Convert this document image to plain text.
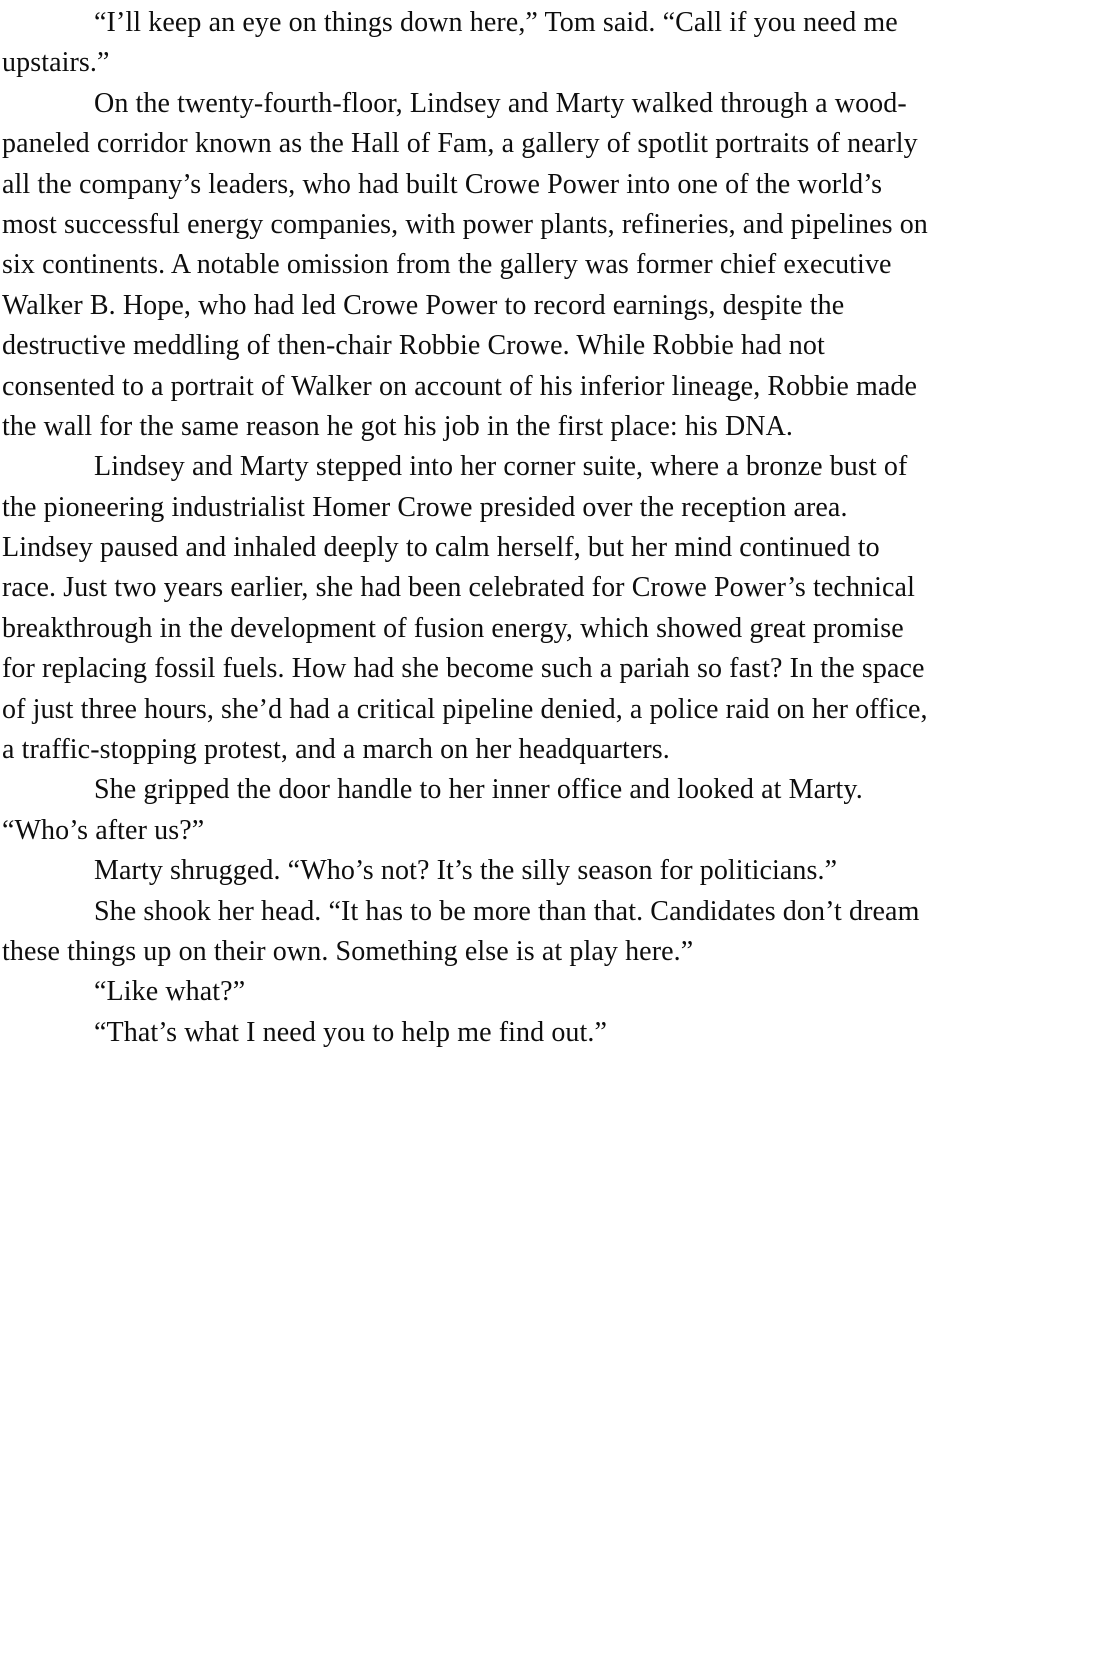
“I’ll keep an eye on things down here,” Tom said. “Call if you need me
upstairs.”
On the twenty-fourth-floor, Lindsey and Marty walked through a wood-
paneled corridor known as the Hall of Fam, a gallery of spotlit portraits of nearly
all the company’s leaders, who had built Crowe Power into one of the world’s
most successful energy companies, with power plants, refineries, and pipelines on
six continents. A notable omission from the gallery was former chief executive
Walker B. Hope, who had led Crowe Power to record earnings, despite the
destructive meddling of then-chair Robbie Crowe. While Robbie had not
consented to a portrait of Walker on account of his inferior lineage, Robbie made
the wall for the same reason he got his job in the first place: his DNA.
Lindsey and Marty stepped into her corner suite, where a bronze bust of
the pioneering industrialist Homer Crowe presided over the reception area.
Lindsey paused and inhaled deeply to calm herself, but her mind continued to
race. Just two years earlier, she had been celebrated for Crowe Power’s technical
breakthrough in the development of fusion energy, which showed great promise
for replacing fossil fuels. How had she become such a pariah so fast? In the space
of just three hours, she’d had a critical pipeline denied, a police raid on her office,
a traffic-stopping protest, and a march on her headquarters.
She gripped the door handle to her inner office and looked at Marty.
“Who’s after us?”
Marty shrugged. “Who’s not? It’s the silly season for politicians.”
She shook her head. “It has to be more than that. Candidates don’t dream
these things up on their own. Something else is at play here.”
“Like what?”
“That’s what I need you to help me find out.”
